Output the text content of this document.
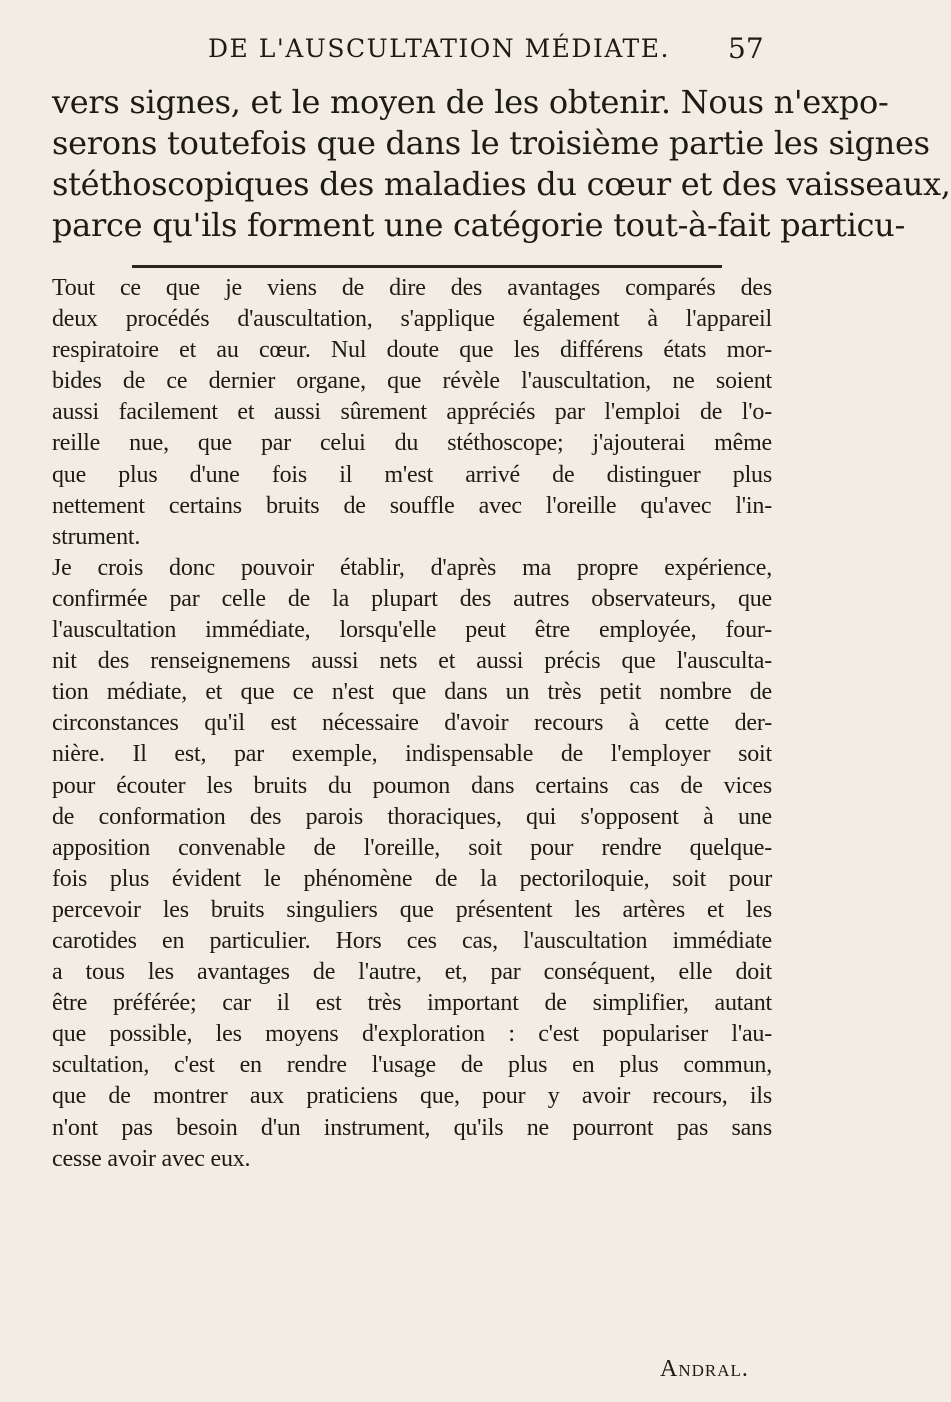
DE L'AUSCULTATION MÉDIATE. 57
vers signes, et le moyen de les obtenir. Nous n'expo-
serons toutefois que dans le troisième partie les signes
stéthoscopiques des maladies du cœur et des vaisseaux,
parce qu'ils forment une catégorie tout-à-fait particu-
Tout ce que je viens de dire des avantages comparés des
deux procédés d'auscultation, s'applique également à l'appareil
respiratoire et au cœur. Nul doute que les différens états mor-
bides de ce dernier organe, que révèle l'auscultation, ne soient
aussi facilement et aussi sûrement appréciés par l'emploi de l'o-
reille nue, que par celui du stéthoscope; j'ajouterai même
que plus d'une fois il m'est arrivé de distinguer plus
nettement certains bruits de souffle avec l'oreille qu'avec l'in-
strument.
Je crois donc pouvoir établir, d'après ma propre expérience,
confirmée par celle de la plupart des autres observateurs, que
l'auscultation immédiate, lorsqu'elle peut être employée, four-
nit des renseignemens aussi nets et aussi précis que l'ausculta-
tion médiate, et que ce n'est que dans un très petit nombre de
circonstances qu'il est nécessaire d'avoir recours à cette der-
nière. Il est, par exemple, indispensable de l'employer soit
pour écouter les bruits du poumon dans certains cas de vices
de conformation des parois thoraciques, qui s'opposent à une
apposition convenable de l'oreille, soit pour rendre quelque-
fois plus évident le phénomène de la pectoriloquie, soit pour
percevoir les bruits singuliers que présentent les artères et les
carotides en particulier. Hors ces cas, l'auscultation immédiate
a tous les avantages de l'autre, et, par conséquent, elle doit
être préférée; car il est très important de simplifier, autant
que possible, les moyens d'exploration : c'est populariser l'au-
scultation, c'est en rendre l'usage de plus en plus commun,
que de montrer aux praticiens que, pour y avoir recours, ils
n'ont pas besoin d'un instrument, qu'ils ne pourront pas sans
cesse avoir avec eux.
Andral.
